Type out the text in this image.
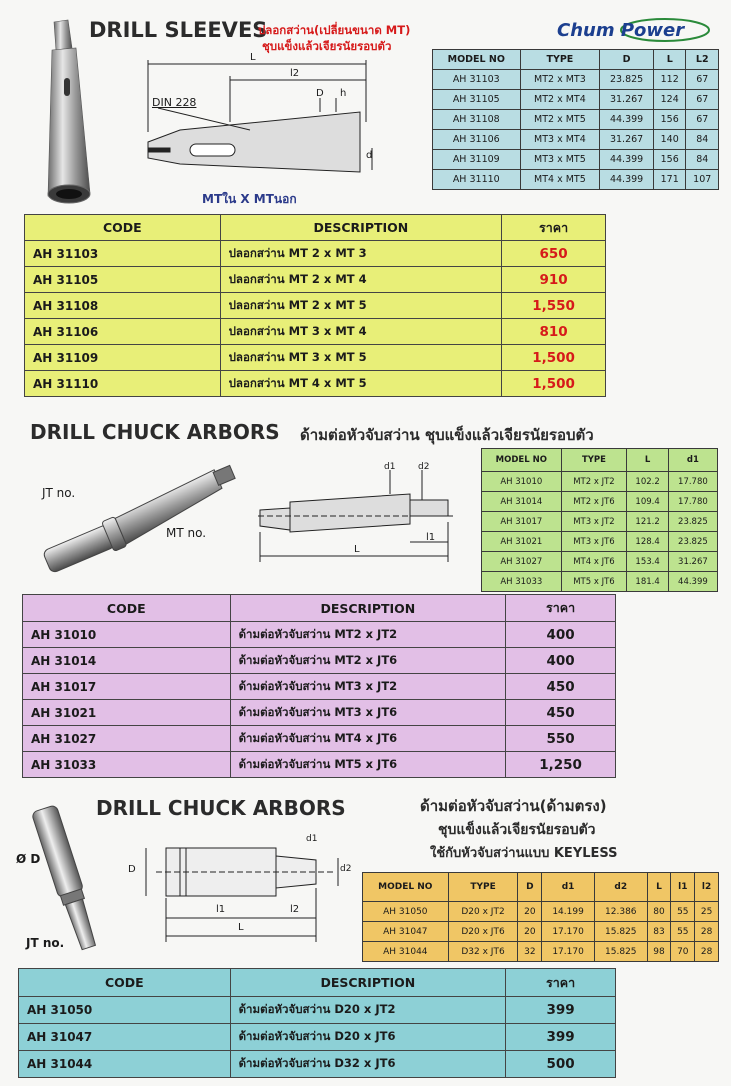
DRILL SLEEVES
ปลอกสว่าน(เปลี่ยนขนาด MT)
ชุบแข็งแล้วเจียรนัยรอบตัว
Chum Power
DIN 228
L
l2
D h
d
MTใน X MTนอก
MODEL NO	TYPE	D	L	L2
AH 31103	MT2 x MT3	23.825	112	67
AH 31105	MT2 x MT4	31.267	124	67
AH 31108	MT2 x MT5	44.399	156	67
AH 31106	MT3 x MT4	31.267	140	84
AH 31109	MT3 x MT5	44.399	156	84
AH 31110	MT4 x MT5	44.399	171	107
CODE	DESCRIPTION	ราคา
AH 31103	ปลอกสว่าน MT 2 x MT 3	650
AH 31105	ปลอกสว่าน MT 2 x MT 4	910
AH 31108	ปลอกสว่าน MT 2 x MT 5	1,550
AH 31106	ปลอกสว่าน MT 3 x MT 4	810
AH 31109	ปลอกสว่าน MT 3 x MT 5	1,500
AH 31110	ปลอกสว่าน MT 4 x MT 5	1,500
DRILL CHUCK ARBORS ด้ามต่อหัวจับสว่าน ชุบแข็งแล้วเจียรนัยรอบตัว
JT no.
MT no.
d1	d2
L
l1
MODEL NO	TYPE	L	d1
AH 31010	MT2 x JT2	102.2	17.780
AH 31014	MT2 x JT6	109.4	17.780
AH 31017	MT3 x JT2	121.2	23.825
AH 31021	MT3 x JT6	128.4	23.825
AH 31027	MT4 x JT6	153.4	31.267
AH 31033	MT5 x JT6	181.4	44.399
CODE	DESCRIPTION	ราคา
AH 31010	ด้ามต่อหัวจับสว่าน MT2 x JT2	400
AH 31014	ด้ามต่อหัวจับสว่าน MT2 x JT6	400
AH 31017	ด้ามต่อหัวจับสว่าน MT3 x JT2	450
AH 31021	ด้ามต่อหัวจับสว่าน MT3 x JT6	450
AH 31027	ด้ามต่อหัวจับสว่าน MT4 x JT6	550
AH 31033	ด้ามต่อหัวจับสว่าน MT5 x JT6	1,250
DRILL CHUCK ARBORS	ด้ามต่อหัวจับสว่าน(ด้ามตรง)
ชุบแข็งแล้วเจียรนัยรอบตัว
ใช้กับหัวจับสว่านแบบ KEYLESS
Ø D
JT no.
D
d1
d2
l1	l2
L
MODEL NO	TYPE	D	d1	d2	L	l1	l2
AH 31050	D20 x JT2	20	14.199	12.386	80	55	25
AH 31047	D20 x JT6	20	17.170	15.825	83	55	28
AH 31044	D32 x JT6	32	17.170	15.825	98	70	28
CODE	DESCRIPTION	ราคา
AH 31050	ด้ามต่อหัวจับสว่าน D20 x JT2	399
AH 31047	ด้ามต่อหัวจับสว่าน D20 x JT6	399
AH 31044	ด้ามต่อหัวจับสว่าน D32 x JT6	500
